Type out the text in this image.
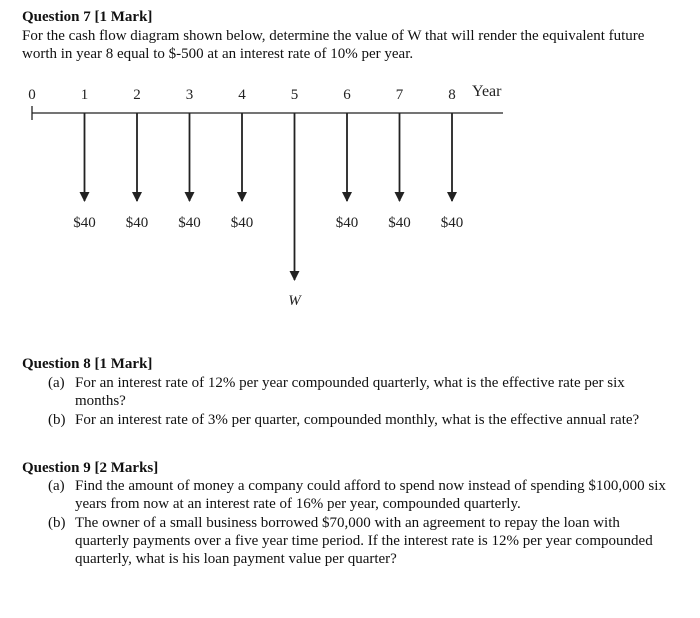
Question 7 [1 Mark]
For the cash flow diagram shown below, determine the value of W that will render the equivalent future worth in year 8 equal to $-500 at an interest rate of 10% per year.
Year
0	1	2	3	4	5	6	7	8
$40 $40 $40 $40
W
$40 $40 $40
Question 8 [1 Mark]
(a) For an interest rate of 12% per year compounded quarterly, what is the effective rate per six months?
(b) For an interest rate of 3% per quarter, compounded monthly, what is the effective annual rate?
Question 9 [2 Marks]
(a) Find the amount of money a company could afford to spend now instead of spending $100,000 six years from now at an interest rate of 16% per year, compounded quarterly.
(b) The owner of a small business borrowed $70,000 with an agreement to repay the loan with quarterly payments over a five year time period. If the interest rate is 12% per year compounded quarterly, what is his loan payment value per quarter?
